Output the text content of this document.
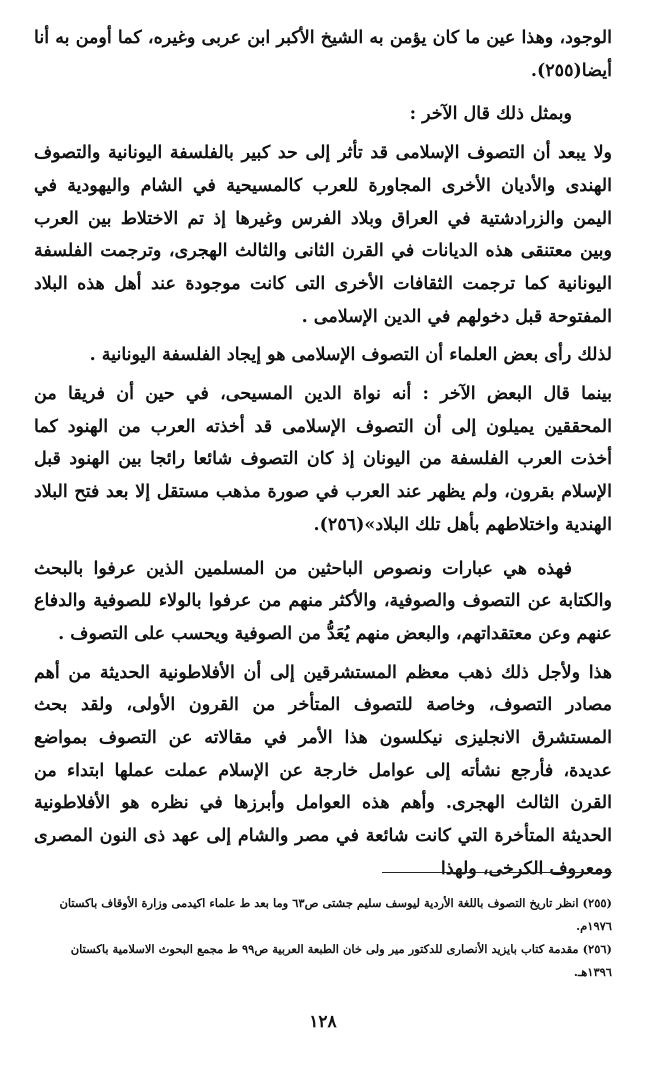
الوجود، وهذا عين ما كان يؤمن به الشيخ الأكبر ابن عربى وغيره، كما أومن به أنا أيضا(٢٥٥).

وبمثل ذلك قال الآخر :

ولا يبعد أن التصوف الإسلامى قد تأثر إلى حد كبير بالفلسفة اليونانية والتصوف الهندى والأديان الأخرى المجاورة للعرب كالمسيحية في الشام واليهودية في اليمن والزرادشتية في العراق وبلاد الفرس وغيرها إذ تم الاختلاط بين العرب وبين معتنقى هذه الديانات في القرن الثانى والثالث الهجرى، وترجمت الفلسفة اليونانية كما ترجمت الثقافات الأخرى التى كانت موجودة عند أهل هذه البلاد المفتوحة قبل دخولهم في الدين الإسلامى .

لذلك رأى بعض العلماء أن التصوف الإسلامى هو إيجاد الفلسفة اليونانية .

بينما قال البعض الآخر : أنه نواة الدين المسيحى، في حين أن فريقا من المحققين يميلون إلى أن التصوف الإسلامى قد أخذته العرب من الهنود كما أخذت العرب الفلسفة من اليونان إذ كان التصوف شائعا رائجا بين الهنود قبل الإسلام بقرون، ولم يظهر عند العرب في صورة مذهب مستقل إلا بعد فتح البلاد الهندية واختلاطهم بأهل تلك البلاد»(٢٥٦).

فهذه هي عبارات ونصوص الباحثين من المسلمين الذين عرفوا بالبحث والكتابة عن التصوف والصوفية، والأكثر منهم من عرفوا بالولاء للصوفية والدفاع عنهم وعن معتقداتهم، والبعض منهم يُعَدُّ من الصوفية ويحسب على التصوف .

هذا ولأجل ذلك ذهب معظم المستشرقين إلى أن الأفلاطونية الحديثة من أهم مصادر التصوف، وخاصة للتصوف المتأخر من القرون الأولى، ولقد بحث المستشرق الانجليزى نيكلسون هذا الأمر في مقالاته عن التصوف بمواضع عديدة، فأرجع نشأته إلى عوامل خارجة عن الإسلام عملت عملها ابتداء من القرن الثالث الهجرى. وأهم هذه العوامل وأبرزها في نظره هو الأفلاطونية الحديثة المتأخرة التي كانت شائعة في مصر والشام إلى عهد ذى النون المصرى ومعروف الكرخى، ولهذا

(٢٥٥) انظر تاريخ التصوف باللغة الأردية ليوسف سليم جشتى ص٦٣ وما بعد ط علماء اكيدمى وزارة الأوقاف باكستان ١٩٧٦م.

(٢٥٦) مقدمة كتاب بايزيد الأنصارى للدكتور مير ولى خان الطبعة العربية ص٩٩ ط مجمع البحوث الاسلامية باكستان ١٣٩٦هـ.

١٢٨
